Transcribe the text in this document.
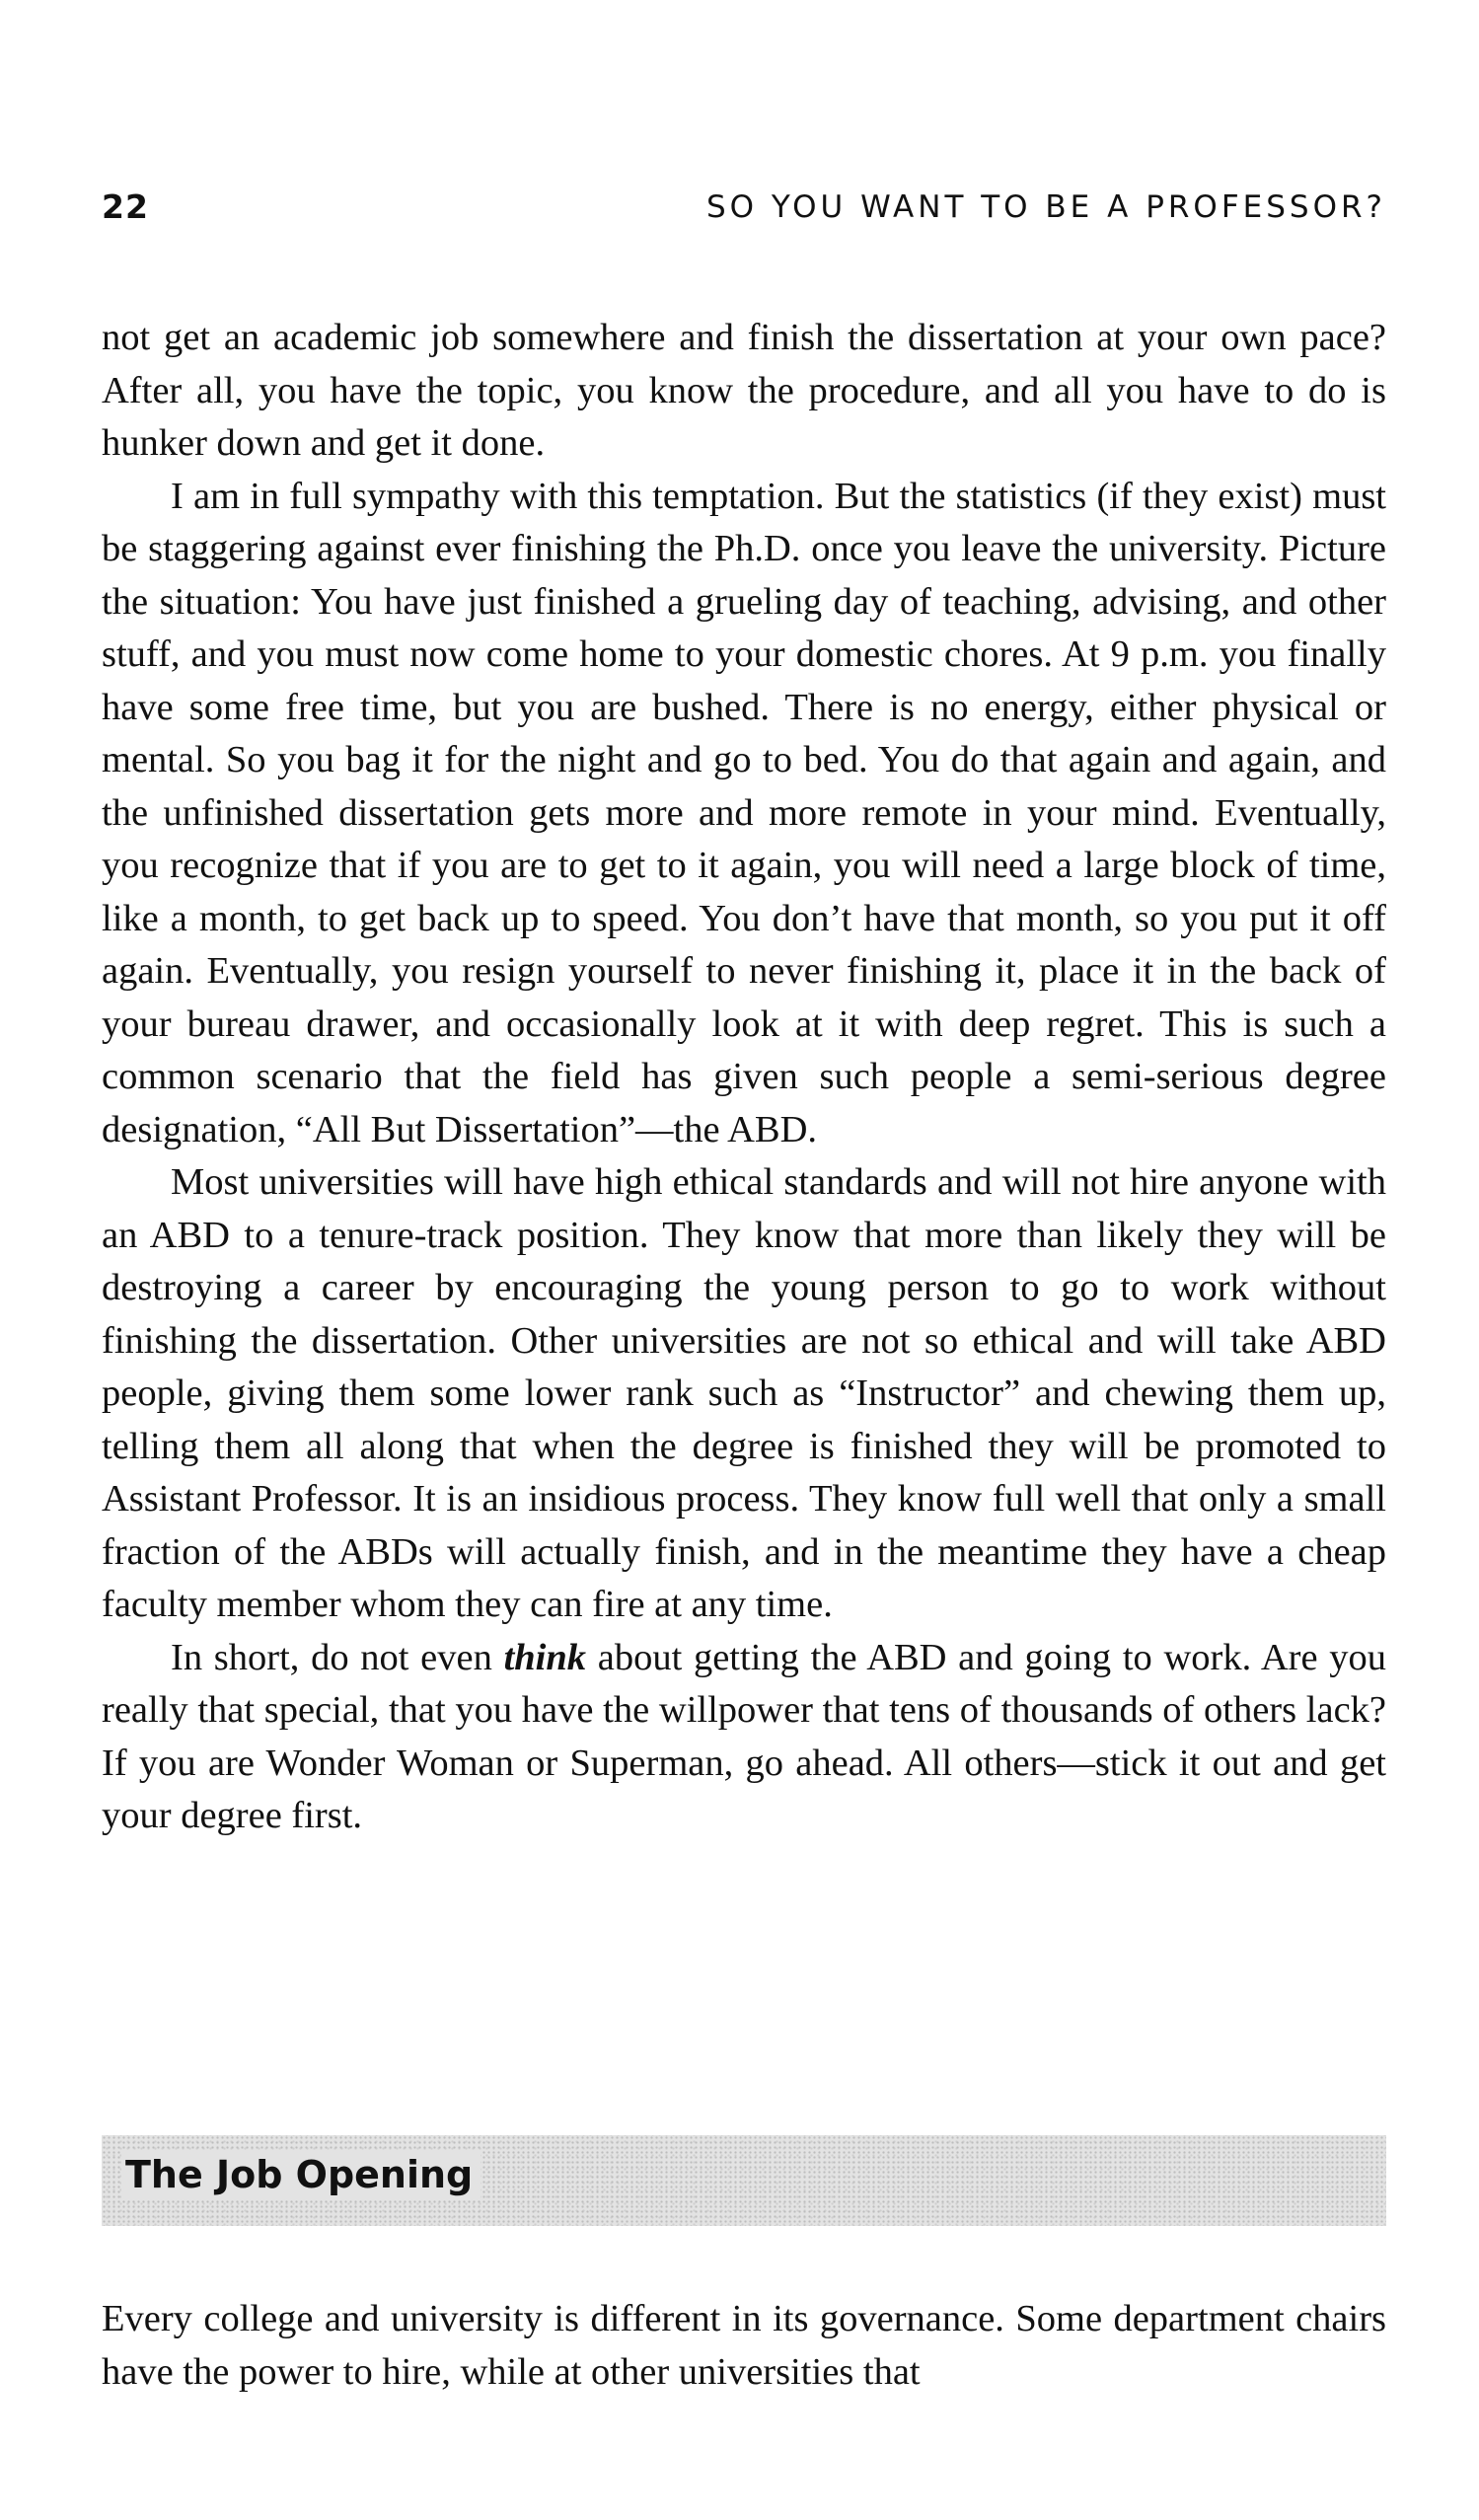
22	SO YOU WANT TO BE A PROFESSOR?

not get an academic job somewhere and finish the dissertation at your own pace? After all, you have the topic, you know the procedure, and all you have to do is hunker down and get it done.

I am in full sympathy with this temptation. But the statistics (if they exist) must be staggering against ever finishing the Ph.D. once you leave the university. Picture the situation: You have just finished a grueling day of teaching, advising, and other stuff, and you must now come home to your domestic chores. At 9 p.m. you finally have some free time, but you are bushed. There is no energy, either physical or mental. So you bag it for the night and go to bed. You do that again and again, and the unfinished dissertation gets more and more remote in your mind. Eventually, you recognize that if you are to get to it again, you will need a large block of time, like a month, to get back up to speed. You don’t have that month, so you put it off again. Eventually, you resign yourself to never finishing it, place it in the back of your bureau drawer, and occasionally look at it with deep regret. This is such a common scenario that the field has given such people a semi-serious degree designation, “All But Dissertation”—the ABD.

Most universities will have high ethical standards and will not hire anyone with an ABD to a tenure-track position. They know that more than likely they will be destroying a career by encouraging the young person to go to work without finishing the dissertation. Other universities are not so ethical and will take ABD people, giving them some lower rank such as “Instructor” and chewing them up, telling them all along that when the degree is finished they will be promoted to Assistant Professor. It is an insidious process. They know full well that only a small fraction of the ABDs will actually finish, and in the meantime they have a cheap faculty member whom they can fire at any time.

In short, do not even think about getting the ABD and going to work. Are you really that special, that you have the willpower that tens of thousands of others lack? If you are Wonder Woman or Superman, go ahead. All others—stick it out and get your degree first.

The Job Opening

Every college and university is different in its governance. Some department chairs have the power to hire, while at other universities that
